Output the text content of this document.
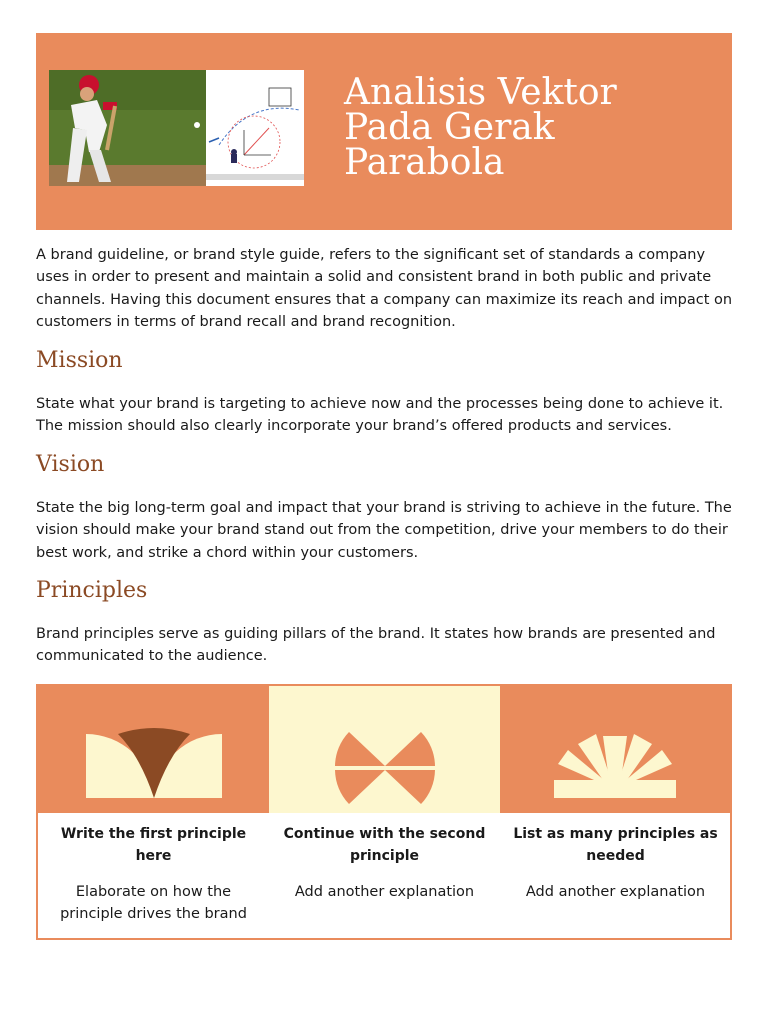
Analisis Vektor
Pada Gerak
Parabola

A brand guideline, or brand style guide, refers to the significant set of standards a company uses in order to present and maintain a solid and consistent brand in both public and private channels. Having this document ensures that a company can maximize its reach and impact on customers in terms of brand recall and brand recognition.

Mission

State what your brand is targeting to achieve now and the processes being done to achieve it. The mission should also clearly incorporate your brand’s offered products and services.

Vision

State the big long-term goal and impact that your brand is striving to achieve in the future. The vision should make your brand stand out from the competition, drive your members to do their best work, and strike a chord within your customers.

Principles

Brand principles serve as guiding pillars of the brand. It states how brands are presented and communicated to the audience.

Write the first principle here

Elaborate on how the principle drives the brand

Continue with the second principle

Add another explanation

List as many principles as needed

Add another explanation
